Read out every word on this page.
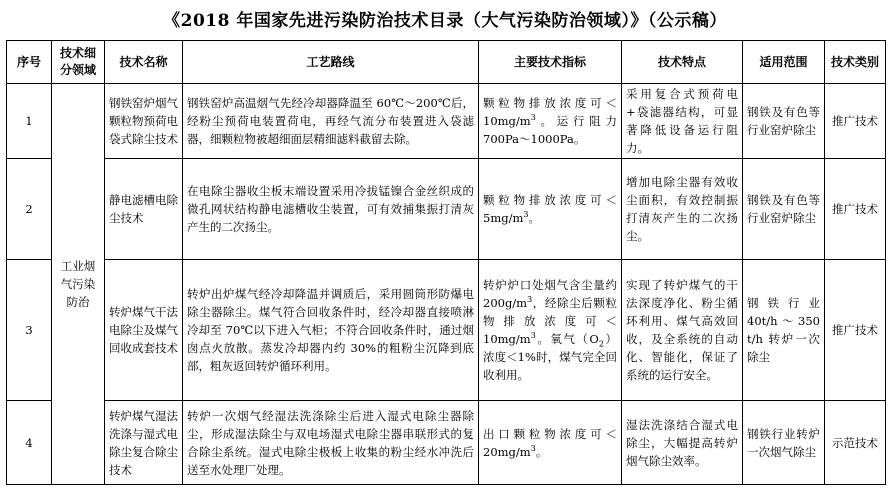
《2018 年国家先进污染防治技术目录（大气污染防治领域）》（公示稿）
序号	技术细分领域	技术名称	工艺路线	主要技术指标	技术特点	适用范围	技术类别
1	工业烟气污染防治	钢铁窑炉烟气颗粒物预荷电袋式除尘技术	钢铁窑炉高温烟气先经冷却器降温至 60℃～200℃后，经粉尘预荷电装置荷电，再经气流分布装置进入袋滤器，细颗粒物被超细面层精细滤料截留去除。	颗粒物排放浓度可$<10mg/m^3$。运行阻力700Pa～1000Pa。	采用复合式预荷电+袋滤器结构，可显著降低设备运行阻力。	钢铁及有色等行业窑炉除尘	推广技术
2		静电滤槽电除尘技术	在电除尘器收尘板末端设置采用冷拔锰镍合金丝织成的微孔网状结构静电滤槽收尘装置，可有效捕集振打清灰产生的二次扬尘。	颗粒物排放浓度可$<5mg/m^3$。	增加电除尘器有效收尘面积，有效控制振打清灰产生的二次扬尘。	钢铁及有色等行业窑炉除尘	推广技术
3		转炉煤气干法电除尘及煤气回收成套技术	转炉出炉煤气经冷却降温并调质后，采用圆筒形防爆电除尘器除尘。煤气符合回收条件时，经冷却器直接喷淋冷却至 70℃以下进入气柜；不符合回收条件时，通过烟囱点火放散。蒸发冷却器内约 30%的粗粉尘沉降到底部，粗灰返回转炉循环利用。	转炉炉口处烟气含尘量约 $200g/m^3$，经除尘后颗粒物排放浓度可$<10mg/m^3$。氧气$(O_2)$浓度＜1%时，煤气完全回收利用。	实现了转炉煤气的干法深度净化、粉尘循环利用、煤气高效回收，及全系统的自动化、智能化，保证了系统的运行安全。	钢铁行业40t/h～350 t/h 转炉一次除尘	推广技术
4		转炉煤气湿法洗涤与湿式电除尘复合除尘技术	转炉一次烟气经湿法洗涤除尘后进入湿式电除尘器除尘，形成湿法除尘与双电场湿式电除尘器串联形式的复合除尘系统。湿式电除尘极板上收集的粉尘经水冲洗后送至水处理厂处理。	出口颗粒物浓度可$<20mg/m^3$。	湿法洗涤结合湿式电除尘，大幅提高转炉烟气除尘效率。	钢铁行业转炉一次烟气除尘	示范技术
